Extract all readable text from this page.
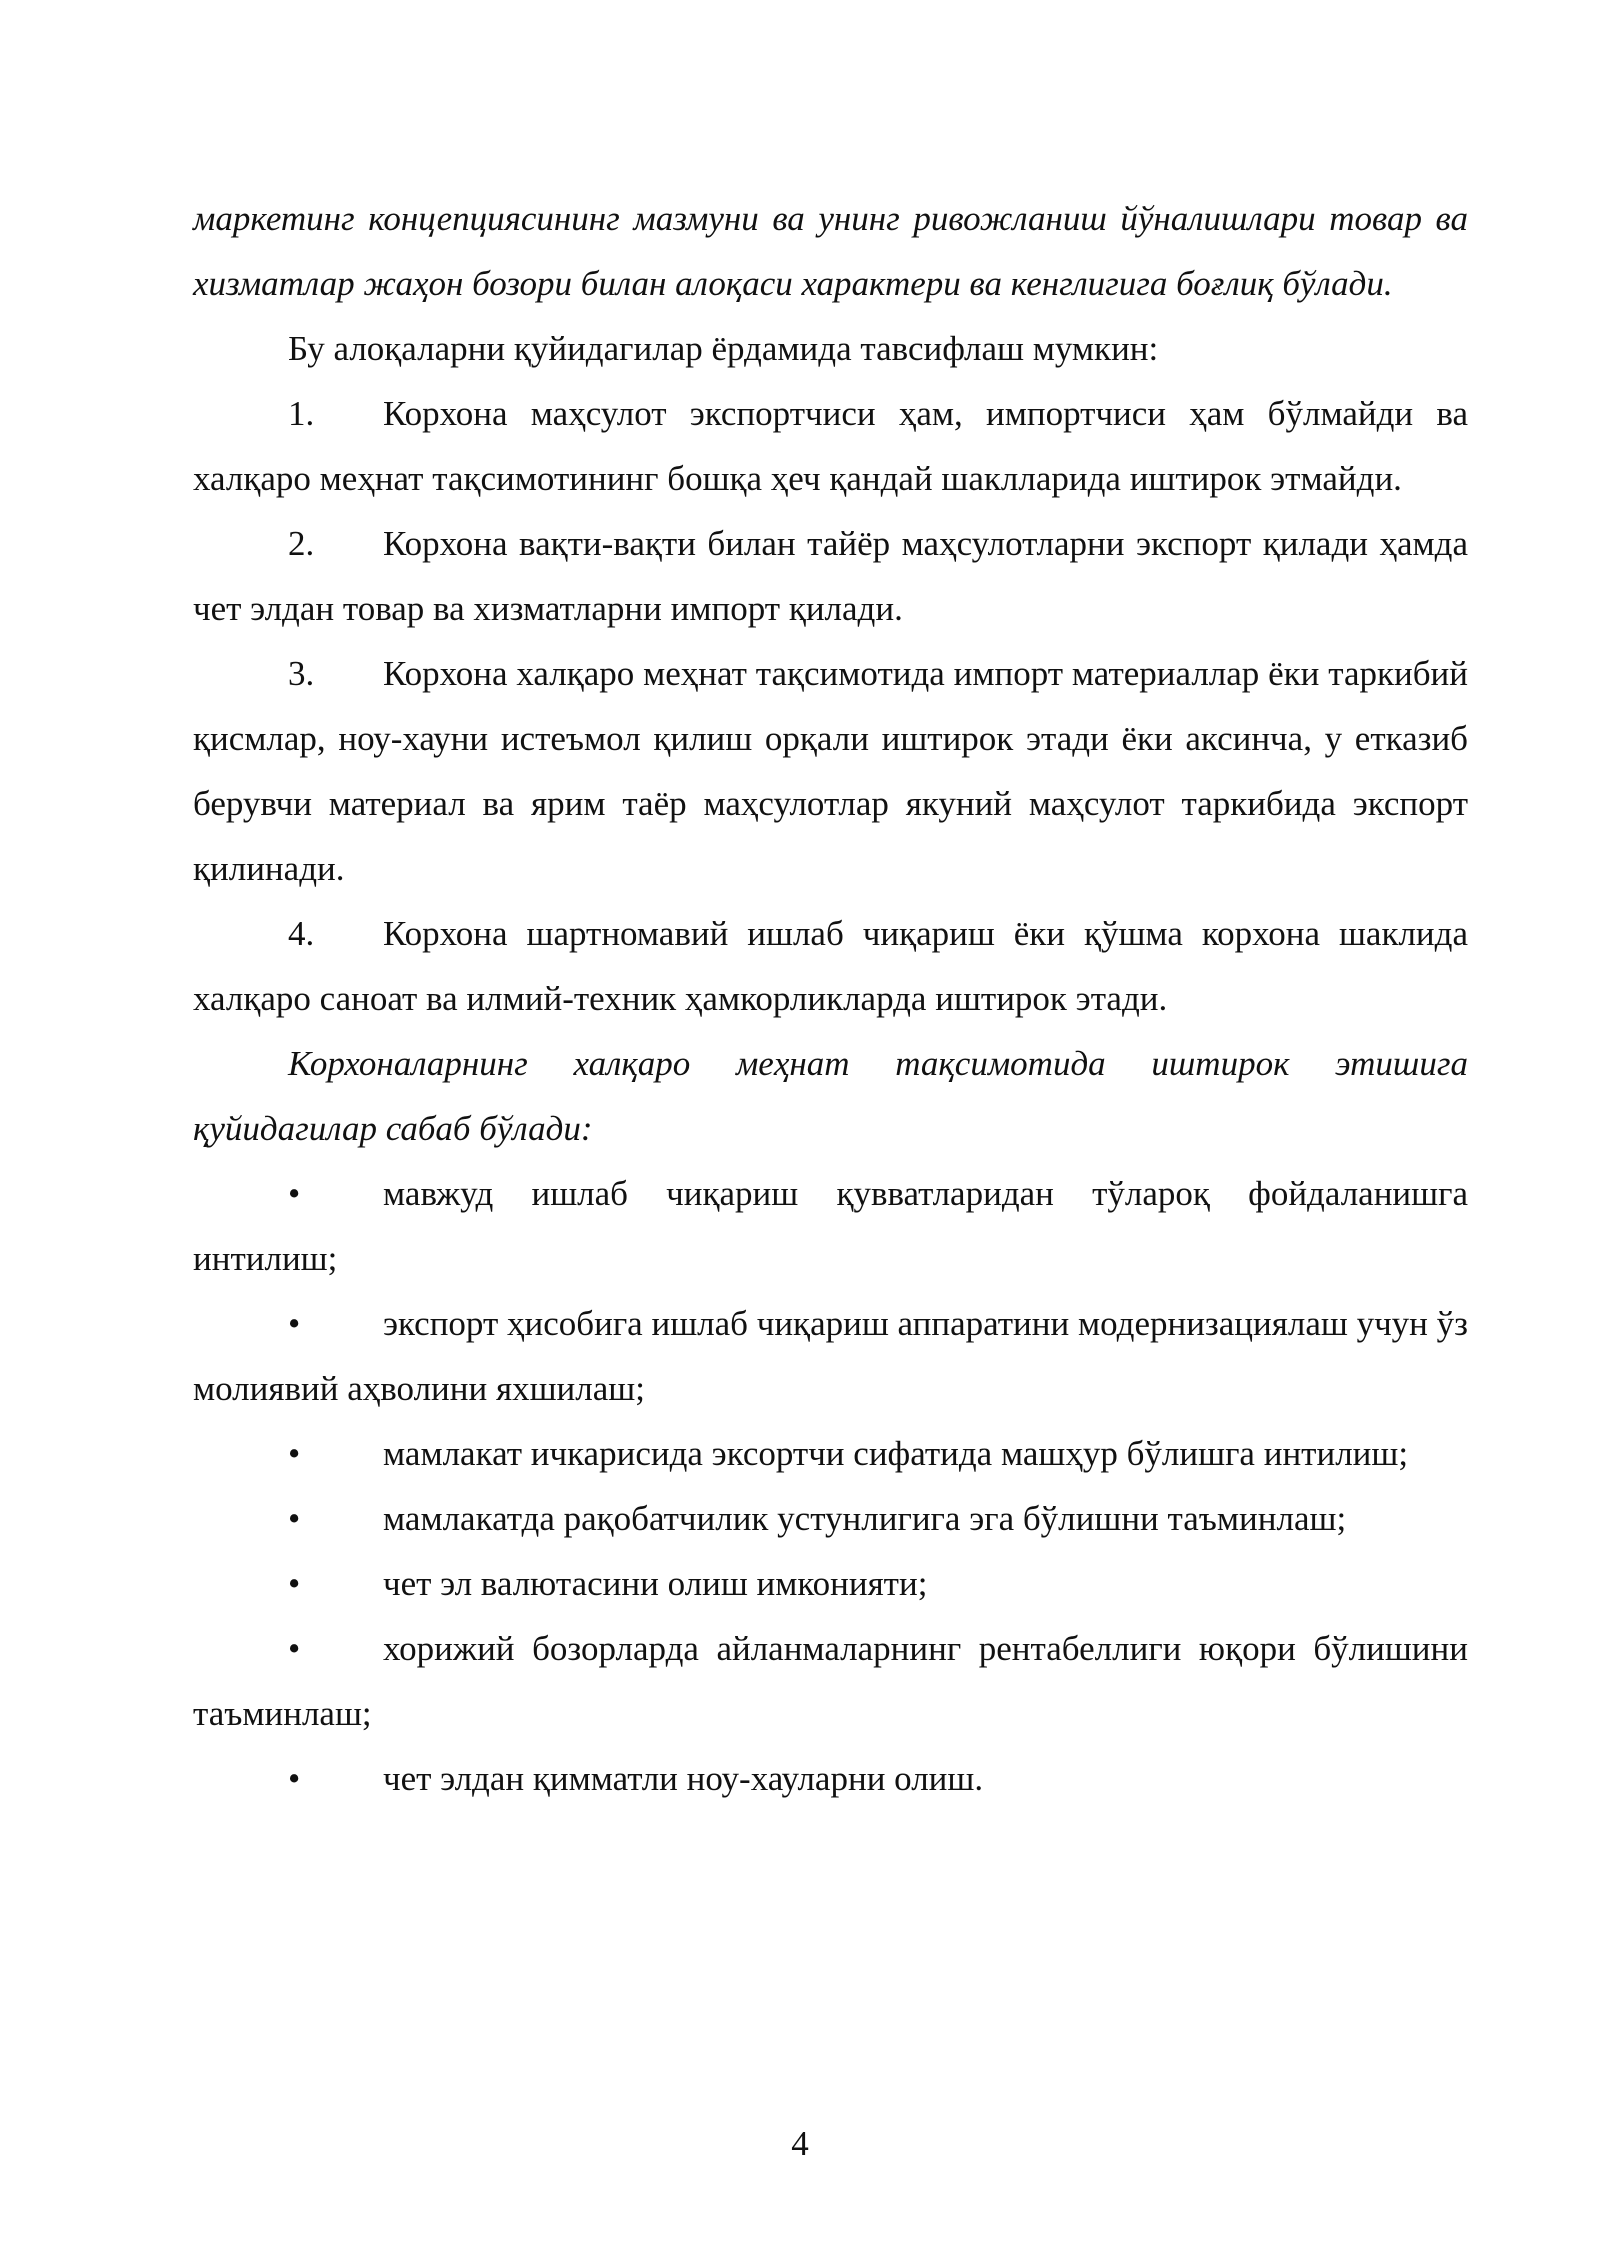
маркетинг концепциясининг мазмуни ва унинг ривожланиш йўналишлари товар ва хизматлар жаҳон бозори билан алоқаси характери ва кенглигига боғлиқ бўлади.

Бу алоқаларни қуйидагилар ёрдамида тавсифлаш мумкин:

1. Корхона маҳсулот экспортчиси ҳам, импортчиси ҳам бўлмайди ва халқаро меҳнат тақсимотининг бошқа ҳеч қандай шаклларида иштирок этмайди.

2. Корхона вақти-вақти билан тайёр маҳсулотларни экспорт қилади ҳамда чет элдан товар ва хизматларни импорт қилади.

3. Корхона халқаро меҳнат тақсимотида импорт материаллар ёки таркибий қисмлар, ноу-хауни истеъмол қилиш орқали иштирок этади ёки аксинча, у етказиб берувчи материал ва ярим таёр маҳсулотлар якуний маҳсулот таркибида экспорт қилинади.

4. Корхона шартномавий ишлаб чиқариш ёки қўшма корхона шаклида халқаро саноат ва илмий-техник ҳамкорликларда иштирок этади.

Корхоналарнинг халқаро меҳнат тақсимотида иштирок этишига қуйидагилар сабаб бўлади:

• мавжуд ишлаб чиқариш қувватларидан тўлароқ фойдаланишга интилиш;

• экспорт ҳисобига ишлаб чиқариш аппаратини модернизациялаш учун ўз молиявий аҳволини яхшилаш;

• мамлакат ичкарисида эксортчи сифатида машҳур бўлишга интилиш;

• мамлакатда рақобатчилик устунлигига эга бўлишни таъминлаш;

• чет эл валютасини олиш имконияти;

• хорижий бозорларда айланмаларнинг рентабеллиги юқори бўлишини таъминлаш;

• чет элдан қимматли ноу-хауларни олиш.

4
